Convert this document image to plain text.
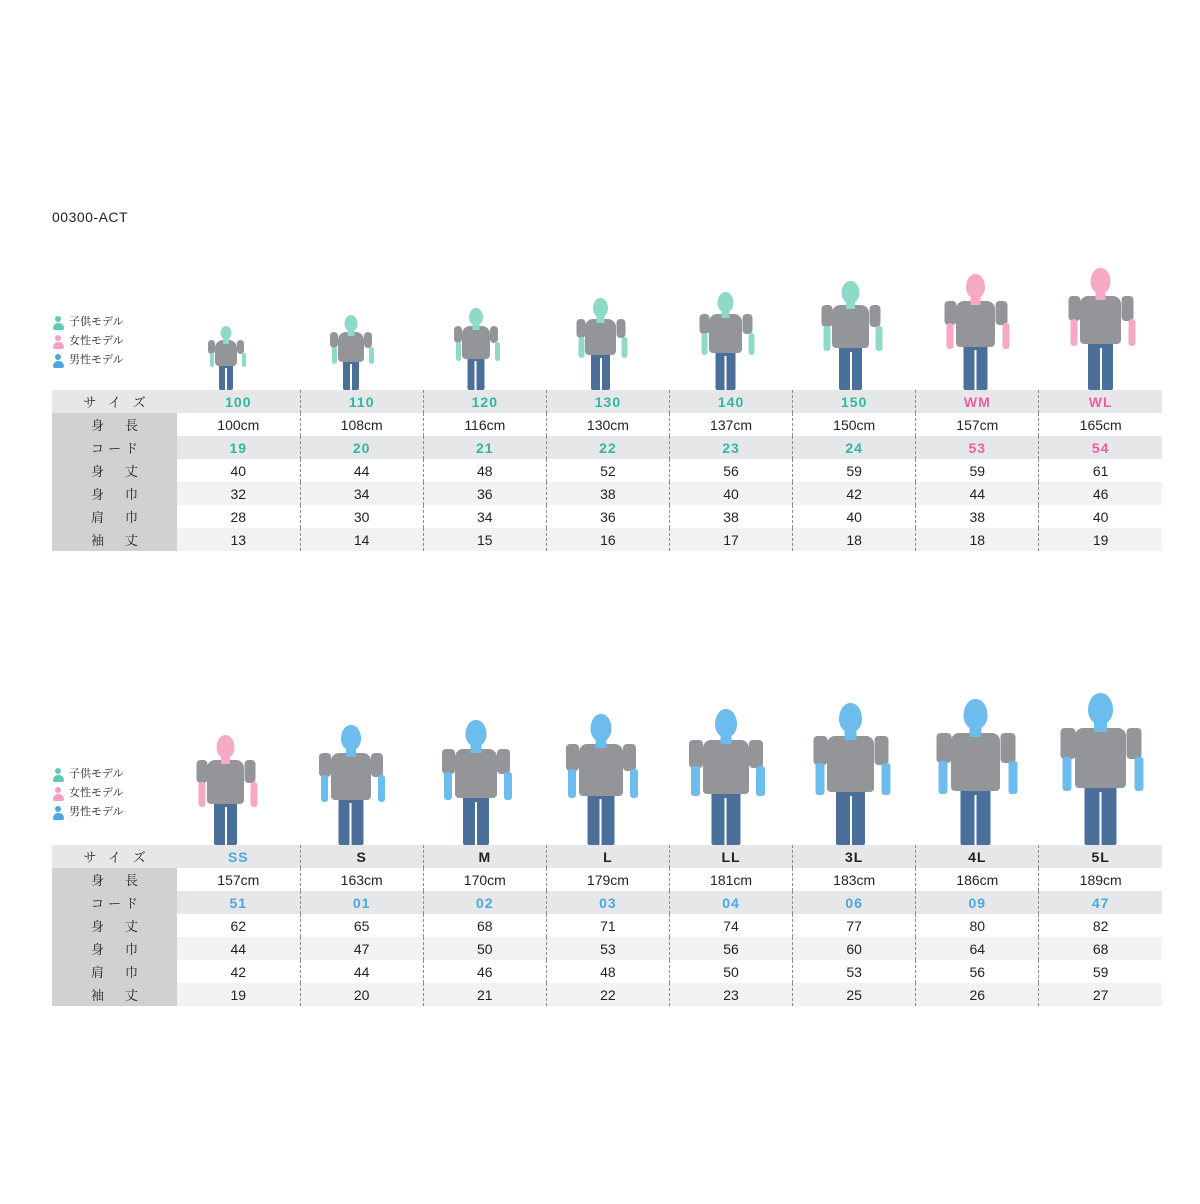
00300-ACT
子供モデル
女性モデル
男性モデル
サ イ ズ	100	110	120	130	140	150	WM	WL
身　長	100cm	108cm	116cm	130cm	137cm	150cm	157cm	165cm
コード	19	20	21	22	23	24	53	54
身　丈	40	44	48	52	56	59	59	61
身　巾	32	34	36	38	40	42	44	46
肩　巾	28	30	34	36	38	40	38	40
袖　丈	13	14	15	16	17	18	18	19
子供モデル
女性モデル
男性モデル
サ イ ズ	SS	S	M	L	LL	3L	4L	5L
身　長	157cm	163cm	170cm	179cm	181cm	183cm	186cm	189cm
コード	51	01	02	03	04	06	09	47
身　丈	62	65	68	71	74	77	80	82
身　巾	44	47	50	53	56	60	64	68
肩　巾	42	44	46	48	50	53	56	59
袖　丈	19	20	21	22	23	25	26	27
